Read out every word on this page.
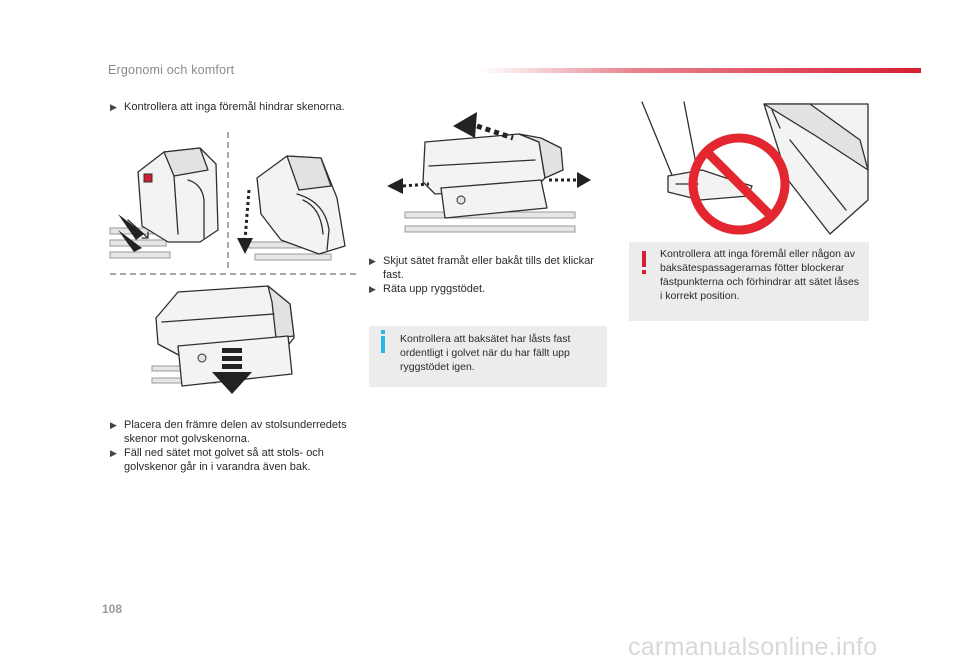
Ergonomi och komfort
▶ Kontrollera att inga föremål hindrar skenorna.
▶ Placera den främre delen av stolsunderredets skenor mot golvskenorna.
▶ Fäll ned sätet mot golvet så att stols- och golvskenor går in i varandra även bak.
▶ Skjut sätet framåt eller bakåt tills det klickar fast.
▶ Räta upp ryggstödet.
Kontrollera att baksätet har låsts fast ordentligt i golvet när du har fällt upp ryggstödet igen.
Kontrollera att inga föremål eller någon av baksätespassagerarnas fötter blockerar fästpunkterna och förhindrar att sätet låses i korrekt position.
108
carmanualsonline.info
